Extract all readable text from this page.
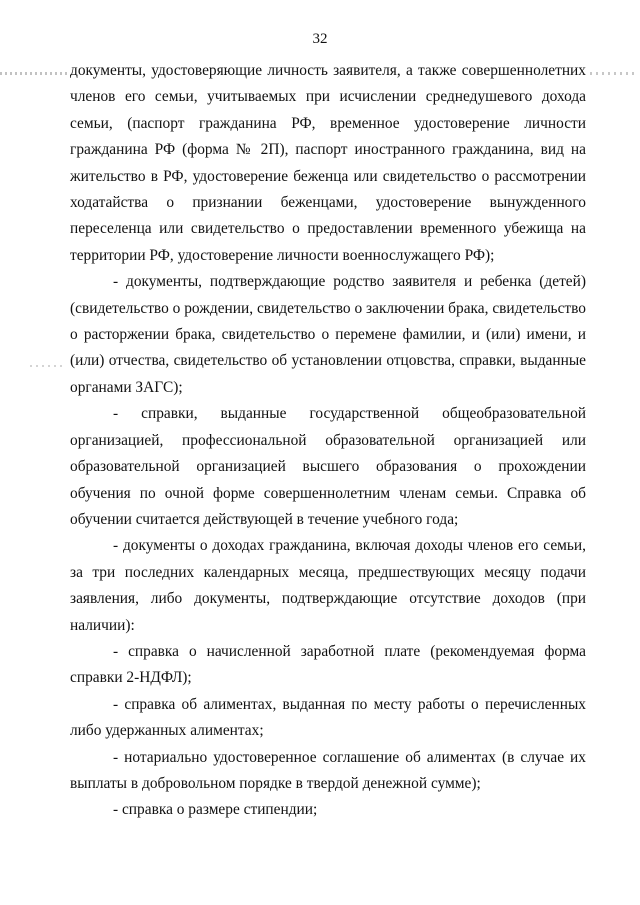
32

документы, удостоверяющие личность заявителя, а также совершеннолетних членов его семьи, учитываемых при исчислении среднедушевого дохода семьи, (паспорт гражданина РФ, временное удостоверение личности гражданина РФ (форма № 2П), паспорт иностранного гражданина, вид на жительство в РФ, удостоверение беженца или свидетельство о рассмотрении ходатайства о признании беженцами, удостоверение вынужденного переселенца или свидетельство о предоставлении временного убежища на территории РФ, удостоверение личности военнослужащего РФ);

- документы, подтверждающие родство заявителя и ребенка (детей) (свидетельство о рождении, свидетельство о заключении брака, свидетельство о расторжении брака, свидетельство о перемене фамилии, и (или) имени, и (или) отчества, свидетельство об установлении отцовства, справки, выданные органами ЗАГС);

- справки, выданные государственной общеобразовательной организацией, профессиональной образовательной организацией или образовательной организацией высшего образования о прохождении обучения по очной форме совершеннолетним членам семьи. Справка об обучении считается действующей в течение учебного года;

- документы о доходах гражданина, включая доходы членов его семьи, за три последних календарных месяца, предшествующих месяцу подачи заявления, либо документы, подтверждающие отсутствие доходов (при наличии):

- справка о начисленной заработной плате (рекомендуемая форма справки 2-НДФЛ);

- справка об алиментах, выданная по месту работы о перечисленных либо удержанных алиментах;

- нотариально удостоверенное соглашение об алиментах (в случае их выплаты в добровольном порядке в твердой денежной сумме);

- справка о размере стипендии;
